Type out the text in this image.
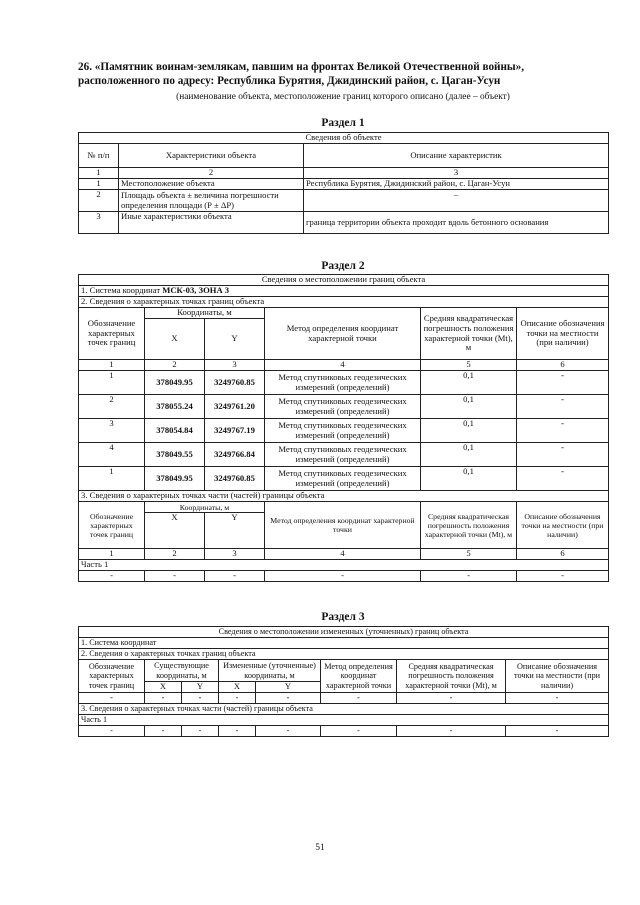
26. «Памятник воинам-землякам, павшим на фронтах Великой Отечественной войны», расположенного по адресу: Республика Бурятия, Джидинский район, с. Цаган-Усун
(наименование объекта, местоположение границ которого описано (далее – объект)
Раздел 1
Сведения об объекте		
№ п/п	Характеристики объекта	Описание характеристик
1	2	3
1	Местоположение объекта	Республика Бурятия, Джидинский район, с. Цаган-Усун
2	Площадь объекта ± величина погрешности определения площади (Р ± ΔР)	–
3	Иные характеристики объекта	граница территории объекта проходит вдоль бетонного основания
Раздел 2
Сведения о местоположении границ объекта					
1. Система координат МСК-03, ЗОНА 3					
2. Сведения о характерных точках границ объекта					
Обозначение характерных точек границ	Координаты, м		Метод определения координат характерной точки	Средняя квадратическая погрешность положения характерной точки (Mt), м	Описание обозначения точки на местности (при наличии)
	X	Y			
1	2	3	4	5	6
1	378049.95	3249760.85	Метод спутниковых геодезических измерений (определений)	0,1	-
2	378055.24	3249761.20	Метод спутниковых геодезических измерений (определений)	0,1	-
3	378054.84	3249767.19	Метод спутниковых геодезических измерений (определений)	0,1	-
4	378049.55	3249766.84	Метод спутниковых геодезических измерений (определений)	0,1	-
1	378049.95	3249760.85	Метод спутниковых геодезических измерений (определений)	0,1	-
3. Сведения о характерных точках части (частей) границы объекта					
Обозначение характерных точек границ	Координаты, м		Метод определения координат характерной точки	Средняя квадратическая погрешность положения характерной точки (Mt), м	Описание обозначения точки на местности (при наличии)
	X	Y			
1	2	3	4	5	6
Часть 1					
-	-	-	-	-	-
Раздел 3
Сведения о местоположении измененных (уточненных) границ объекта							
1. Система координат							
2. Сведения о характерных точках границ объекта							
Обозначение характерных точек границ	Существующие координаты, м		Измененные (уточненные) координаты, м		Метод определения координат характерной точки	Средняя квадратическая погрешность положения характерной точки (Mt), м	Описание обозначения точки на местности (при наличии)
	X	Y	X	Y			
-	-	-	-	-	-	-	-
3. Сведения о характерных точках части (частей) границы объекта							
Часть 1							
-	-	-	-	-	-	-	-
51
